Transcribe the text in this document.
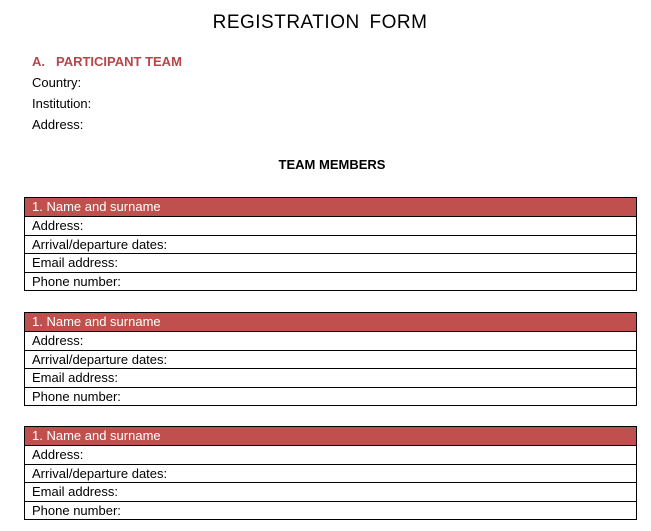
REGISTRATION FORM
A. PARTICIPANT TEAM
Country:
Institution:
Address:
TEAM MEMBERS
1. Name and surname
Address:
Arrival/departure dates:
Email address:
Phone number:
1. Name and surname
Address:
Arrival/departure dates:
Email address:
Phone number:
1. Name and surname
Address:
Arrival/departure dates:
Email address:
Phone number:
